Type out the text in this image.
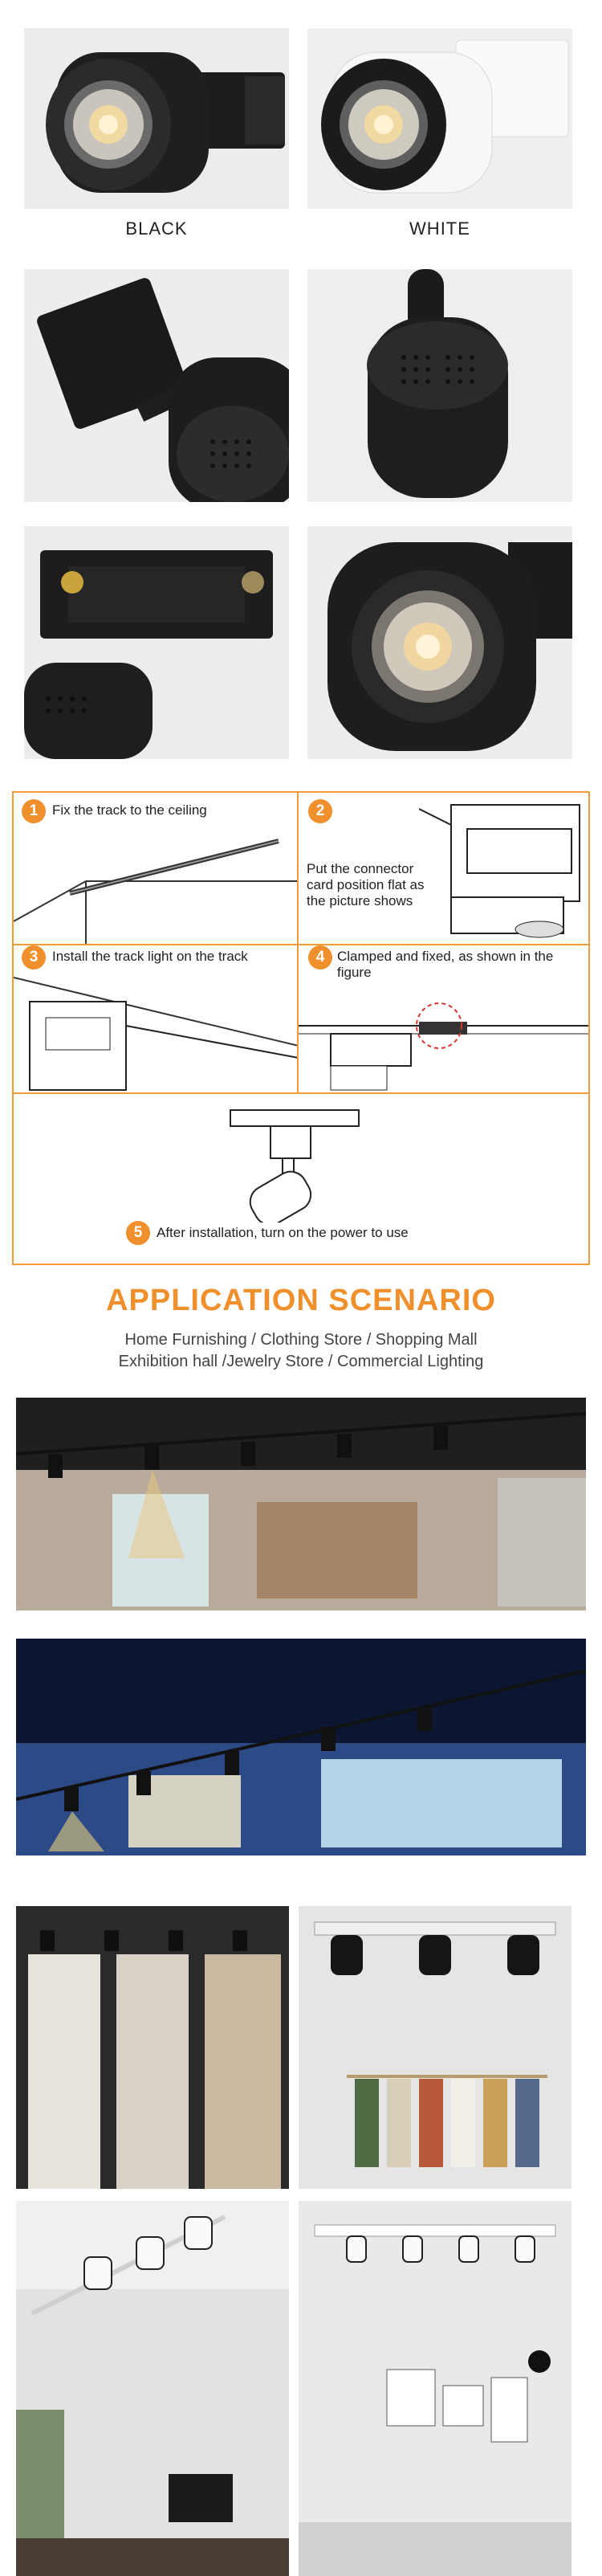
BLACK	WHITE
1	Fix the track to the ceiling	2
Put the connector card position flat as the picture shows
3	Install the track light on the track	4 Clamped and fixed, as shown in the figure
5	After installation, turn on the power to use
APPLICATION SCENARIO
Home Furnishing / Clothing Store / Shopping Mall
Exhibition hall /Jewelry Store / Commercial Lighting
